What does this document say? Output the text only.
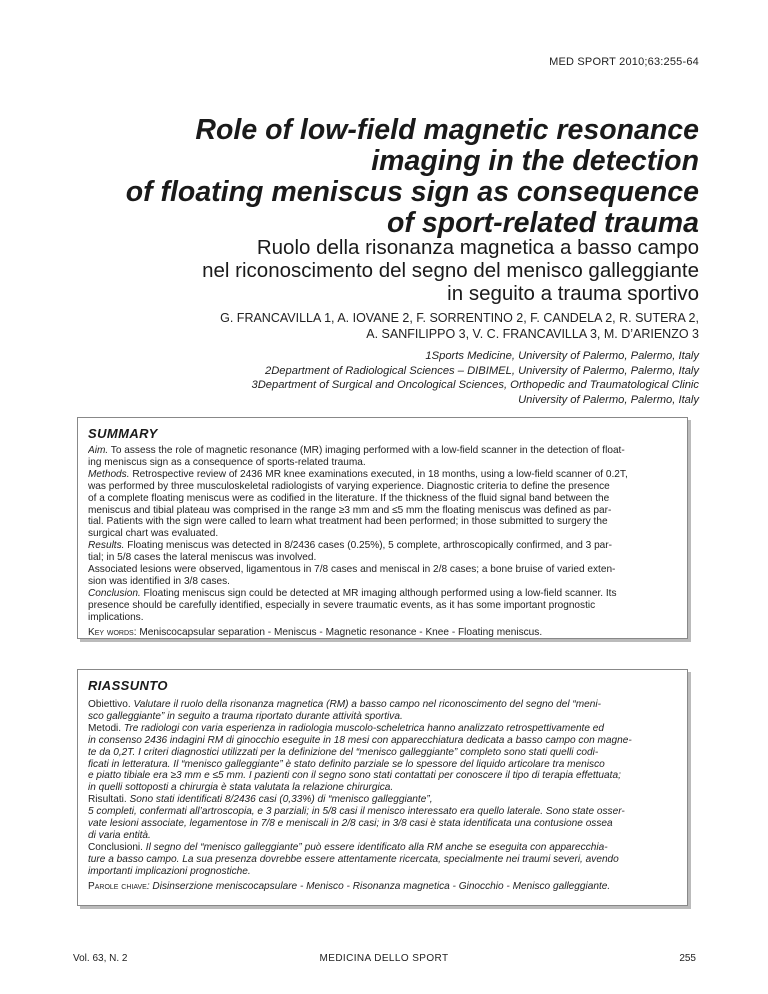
MED SPORT 2010;63:255-64
Role of low-field magnetic resonance
imaging in the detection
of floating meniscus sign as consequence
of sport-related trauma
Ruolo della risonanza magnetica a basso campo
nel riconoscimento del segno del menisco galleggiante
in seguito a trauma sportivo
G. FRANCAVILLA 1, A. IOVANE 2, F. SORRENTINO 2, F. CANDELA 2, R. SUTERA 2,
A. SANFILIPPO 3, V. C. FRANCAVILLA 3, M. D’ARIENZO 3
1Sports Medicine, University of Palermo, Palermo, Italy
2Department of Radiological Sciences – DIBIMEL, University of Palermo, Palermo, Italy
3Department of Surgical and Oncological Sciences, Orthopedic and Traumatological Clinic
University of Palermo, Palermo, Italy
SUMMARY
Aim. To assess the role of magnetic resonance (MR) imaging performed with a low-field scanner in the detection of float-
ing meniscus sign as a consequence of sports-related trauma.
Methods. Retrospective review of 2436 MR knee examinations executed, in 18 months, using a low-field scanner of 0.2T,
was performed by three musculoskeletal radiologists of varying experience. Diagnostic criteria to define the presence
of a complete floating meniscus were as codified in the literature. If the thickness of the fluid signal band between the
meniscus and tibial plateau was comprised in the range ≥3 mm and ≤5 mm the floating meniscus was defined as par-
tial. Patients with the sign were called to learn what treatment had been performed; in those submitted to surgery the
surgical chart was evaluated.
Results. Floating meniscus was detected in 8/2436 cases (0.25%), 5 complete, arthroscopically confirmed, and 3 par-
tial; in 5/8 cases the lateral meniscus was involved.
Associated lesions were observed, ligamentous in 7/8 cases and meniscal in 2/8 cases; a bone bruise of varied exten-
sion was identified in 3/8 cases.
Conclusion. Floating meniscus sign could be detected at MR imaging although performed using a low-field scanner. Its
presence should be carefully identified, especially in severe traumatic events, as it has some important prognostic
implications.
Key words: Meniscocapsular separation - Meniscus - Magnetic resonance - Knee - Floating meniscus.
RIASSUNTO
Obiettivo. Valutare il ruolo della risonanza magnetica (RM) a basso campo nel riconoscimento del segno del “meni-
sco galleggiante” in seguito a trauma riportato durante attività sportiva.
Metodi. Tre radiologi con varia esperienza in radiologia muscolo-scheletrica hanno analizzato retrospettivamente ed
in consenso 2436 indagini RM di ginocchio eseguite in 18 mesi con apparecchiatura dedicata a basso campo con magne-
te da 0,2T. I criteri diagnostici utilizzati per la definizione del “menisco galleggiante” completo sono stati quelli codi-
ficati in letteratura. Il “menisco galleggiante” è stato definito parziale se lo spessore del liquido articolare tra menisco
e piatto tibiale era ≥3 mm e ≤5 mm. I pazienti con il segno sono stati contattati per conoscere il tipo di terapia effettuata;
in quelli sottoposti a chirurgia è stata valutata la relazione chirurgica.
Risultati. Sono stati identificati 8/2436 casi (0,33%) di “menisco galleggiante”,
5 completi, confermati all’artroscopia, e 3 parziali; in 5/8 casi il menisco interessato era quello laterale. Sono state osser-
vate lesioni associate, legamentose in 7/8 e meniscali in 2/8 casi; in 3/8 casi è stata identificata una contusione ossea
di varia entità.
Conclusioni. Il segno del “menisco galleggiante” può essere identificato alla RM anche se eseguita con apparecchia-
ture a basso campo. La sua presenza dovrebbe essere attentamente ricercata, specialmente nei traumi severi, avendo
importanti implicazioni prognostiche.
Parole chiave: Disinserzione meniscocapsulare - Menisco - Risonanza magnetica - Ginocchio - Menisco galleggiante.
Vol. 63, N. 2	MEDICINA DELLO SPORT	255
